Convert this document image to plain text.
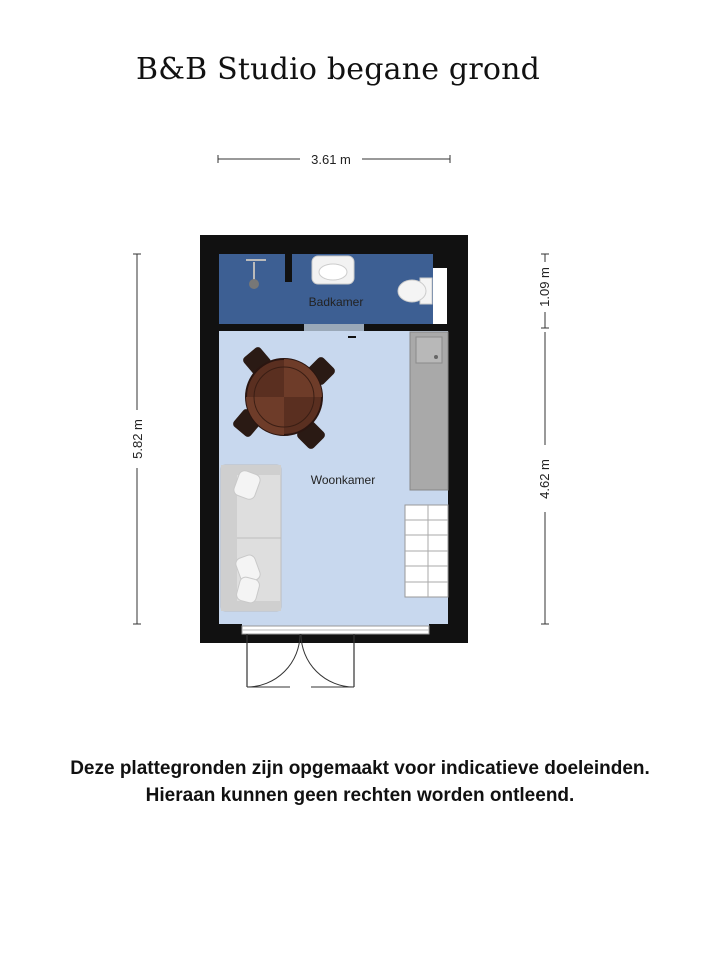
B&B Studio begane grond
3.61 m
5.82 m
1.09 m
4.62 m
Badkamer
Woonkamer
Deze plattegronden zijn opgemaakt voor indicatieve doeleinden.
Hieraan kunnen geen rechten worden ontleend.
